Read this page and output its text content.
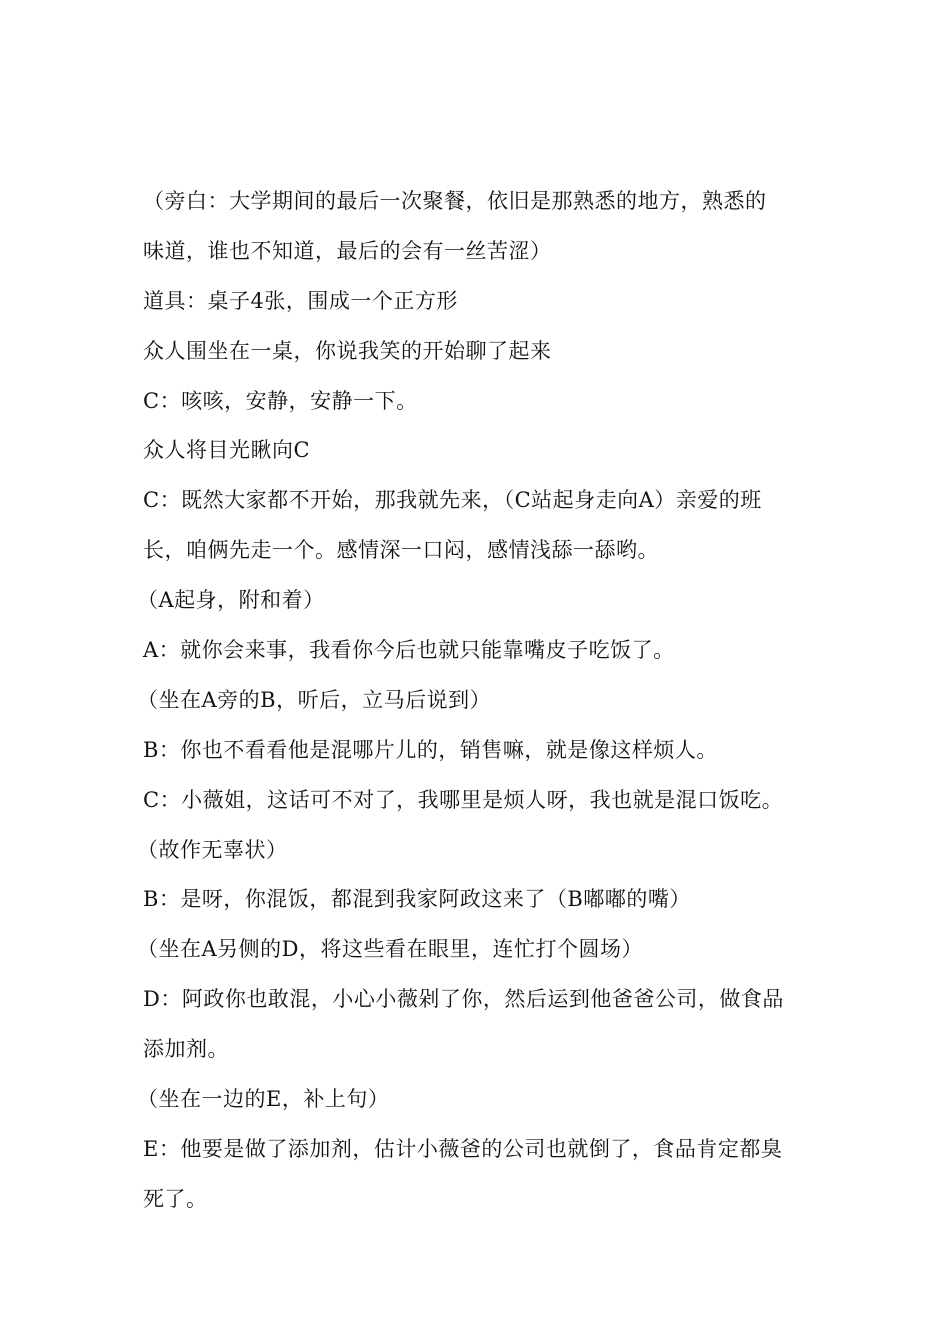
（旁白：大学期间的最后一次聚餐，依旧是那熟悉的地方，熟悉的
味道，谁也不知道，最后的会有一丝苦涩）
道具：桌子4张，围成一个正方形
众人围坐在一桌，你说我笑的开始聊了起来
C：咳咳，安静，安静一下。
众人将目光瞅向C
C：既然大家都不开始，那我就先来，（C站起身走向A）亲爱的班
长，咱俩先走一个。感情深一口闷，感情浅舔一舔哟。
（A起身，附和着）
A：就你会来事，我看你今后也就只能靠嘴皮子吃饭了。
（坐在A旁的B，听后，立马后说到）
B：你也不看看他是混哪片儿的，销售嘛，就是像这样烦人。
C：小薇姐，这话可不对了，我哪里是烦人呀，我也就是混口饭吃。
（故作无辜状）
B：是呀，你混饭，都混到我家阿政这来了（B嘟嘟的嘴）
（坐在A另侧的D，将这些看在眼里，连忙打个圆场）
D：阿政你也敢混，小心小薇剁了你，然后运到他爸爸公司，做食品
添加剂。
（坐在一边的E，补上句）
E：他要是做了添加剂，估计小薇爸的公司也就倒了，食品肯定都臭
死了。
